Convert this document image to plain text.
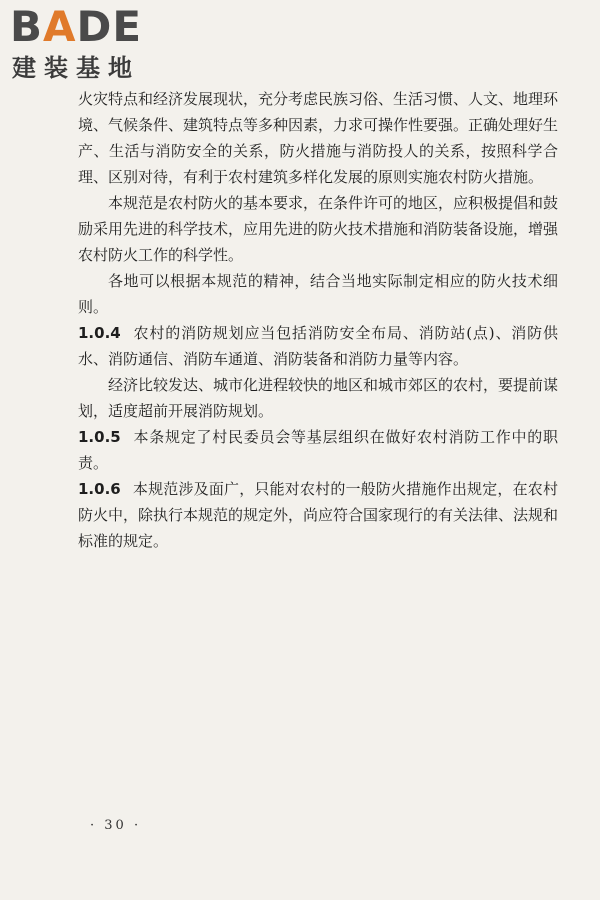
BADE
建装基地

火灾特点和经济发展现状，充分考虑民族习俗、生活习惯、人文、地理环境、气候条件、建筑特点等多种因素，力求可操作性要强。正确处理好生产、生活与消防安全的关系，防火措施与消防投人的关系，按照科学合理、区别对待，有利于农村建筑多样化发展的原则实施农村防火措施。

本规范是农村防火的基本要求，在条件许可的地区，应积极提倡和鼓励采用先进的科学技术，应用先进的防火技术措施和消防装备设施，增强农村防火工作的科学性。

各地可以根据本规范的精神，结合当地实际制定相应的防火技术细则。

1.0.4 农村的消防规划应当包括消防安全布局、消防站(点)、消防供水、消防通信、消防车通道、消防装备和消防力量等内容。

经济比较发达、城市化进程较快的地区和城市郊区的农村，要提前谋划，适度超前开展消防规划。

1.0.5 本条规定了村民委员会等基层组织在做好农村消防工作中的职责。

1.0.6 本规范涉及面广，只能对农村的一般防火措施作出规定，在农村防火中，除执行本规范的规定外，尚应符合国家现行的有关法律、法规和标准的规定。

· 30 ·
